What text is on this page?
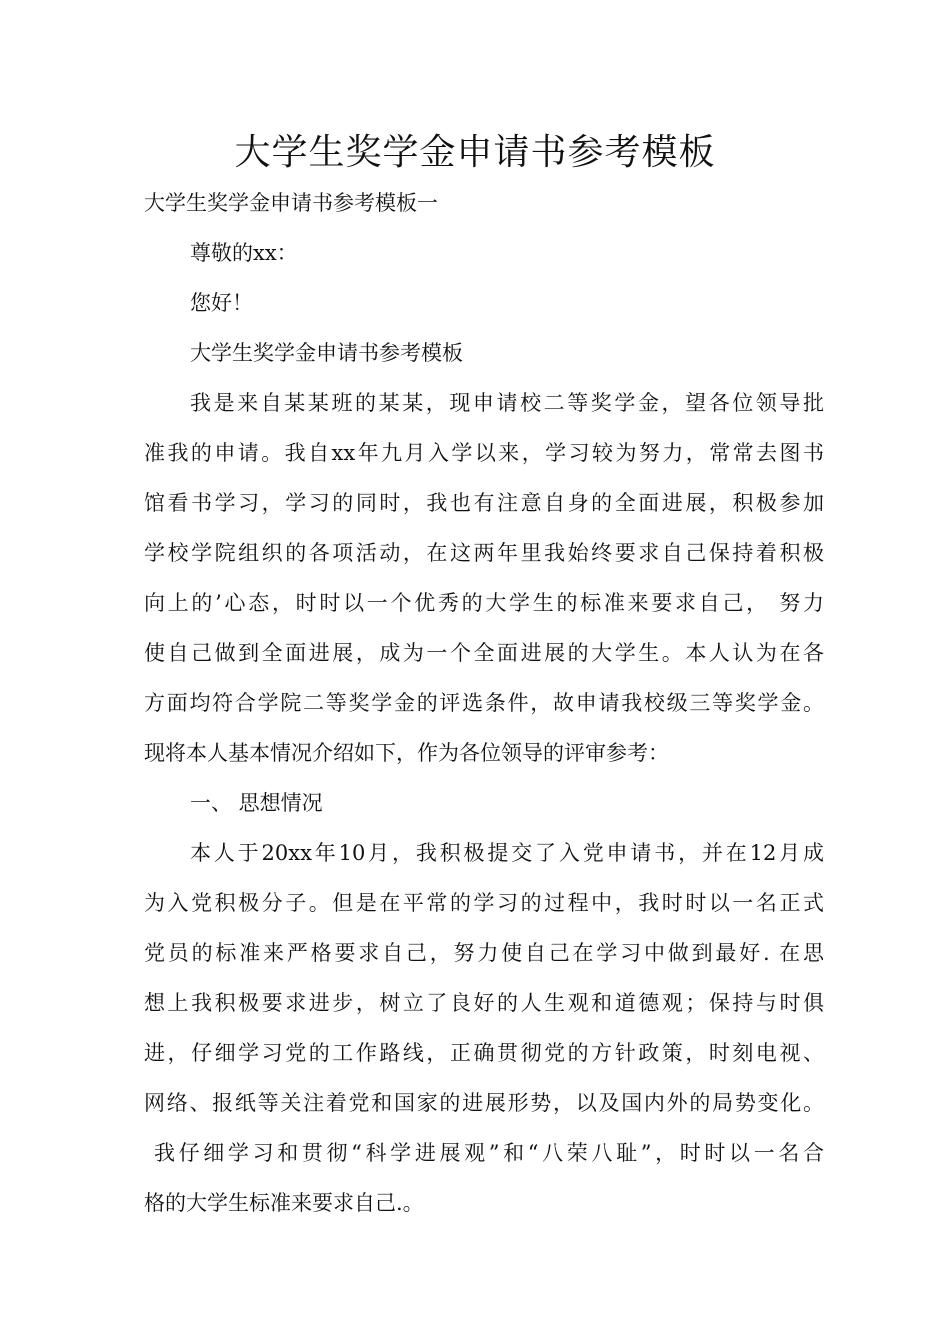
大学生奖学金申请书参考模板
大学生奖学金申请书参考模板一
尊敬的xx：
您好！
大学生奖学金申请书参考模板
我是来自某某班的某某，现申请校二等奖学金，望各位领导批
准我的申请。我自xx年九月入学以来，学习较为努力，常常去图书
馆看书学习，学习的同时，我也有注意自身的全面进展，积极参加
学校学院组织的各项活动，在这两年里我始终要求自己保持着积极
向上的’心态，时时以一个优秀的大学生的标准来要求自己， 努力
使自己做到全面进展，成为一个全面进展的大学生。本人认为在各
方面均符合学院二等奖学金的评选条件，故申请我校级三等奖学金。
现将本人基本情况介绍如下，作为各位领导的评审参考：
一、 思想情况
本人于20xx年10月，我积极提交了入党申请书，并在12月成
为入党积极分子。但是在平常的学习的过程中，我时时以一名正式
党员的标准来严格要求自己，努力使自己在学习中做到最好. 在思
想上我积极要求进步，树立了良好的人生观和道德观；保持与时俱
进，仔细学习党的工作路线，正确贯彻党的方针政策，时刻电视、
网络、报纸等关注着党和国家的进展形势，以及国内外的局势变化。
我仔细学习和贯彻“科学进展观”和“八荣八耻”，时时以一名合
格的大学生标准来要求自己.。
